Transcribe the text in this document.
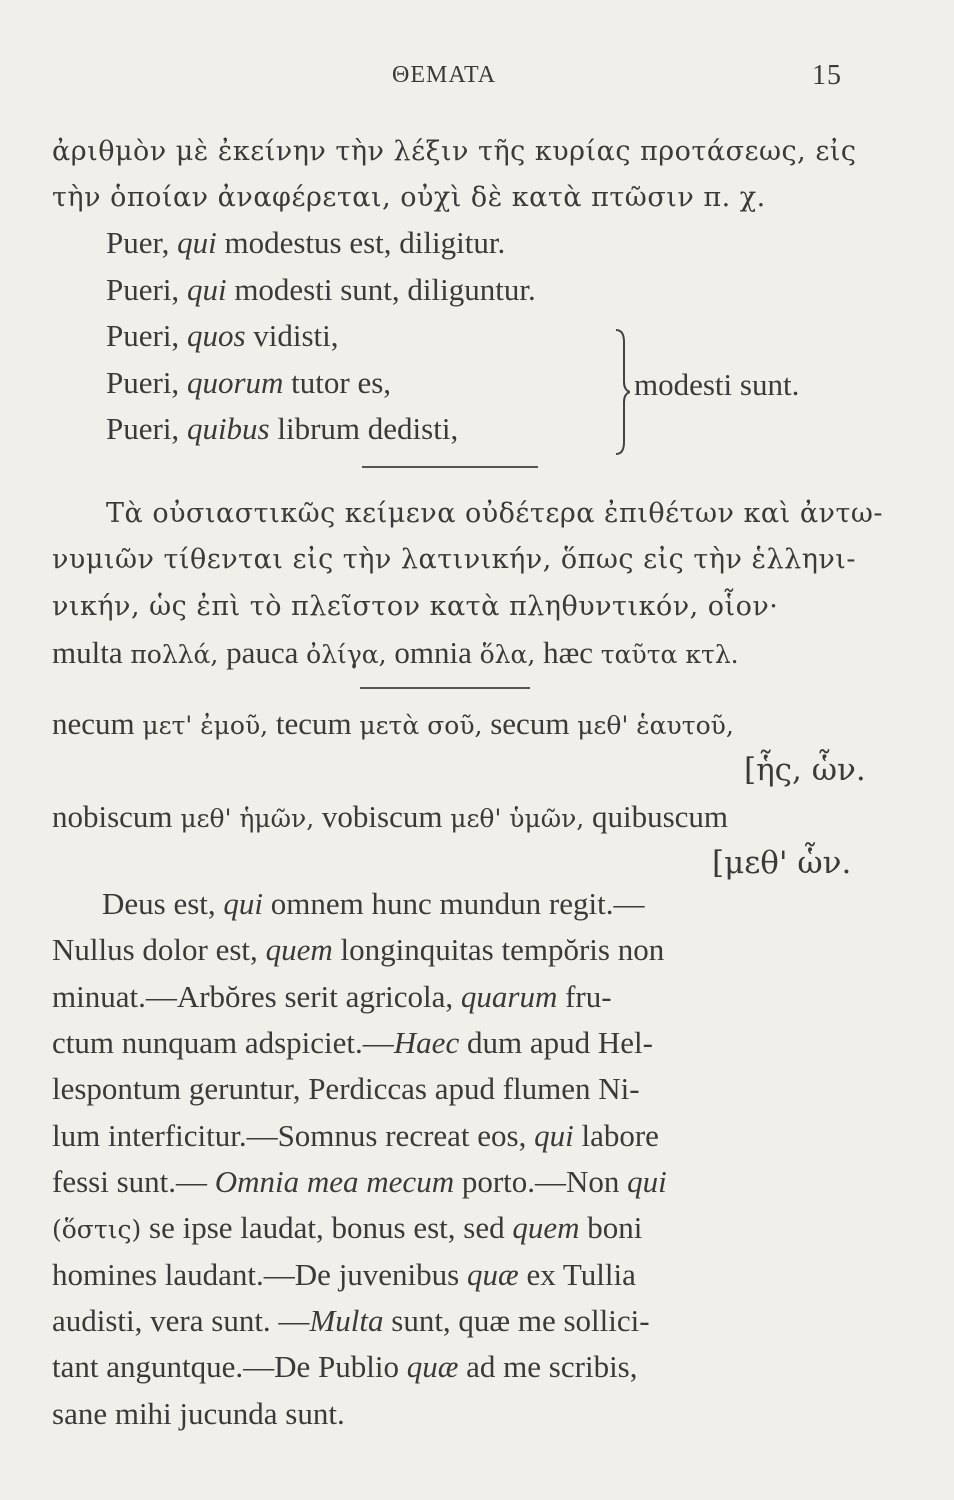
ΘΕΜΑΤΑ	15
ἀριθμὸν μὲ ἐκείνην τὴν λέξιν τῆς κυρίας προτάσεως, εἰς
τὴν ὁποίαν ἀναφέρεται, οὐχὶ δὲ κατὰ πτῶσιν π. χ.
Puer, qui modestus est, diligitur.
Pueri, qui modesti sunt, diliguntur.
Pueri, quos vidisti,
Pueri, quorum tutor es,
Pueri, quibus librum dedisti,
modesti sunt.
Τὰ οὐσιαστικῶς κείμενα οὐδέτερα ἐπιθέτων καὶ ἀντω-
νυμιῶν τίθενται εἰς τὴν λατινικήν, ὅπως εἰς τὴν ἑλληνι-
νικήν, ὡς ἐπὶ τὸ πλεῖστον κατὰ πληθυντικόν, οἷον·
multa πολλά, pauca ὀλίγα, omnia ὅλα, hæc ταῦτα κτλ.
necum μετ' ἐμοῦ, tecum μετὰ σοῦ, secum μεθ' ἑαυτοῦ,
[ἧς, ὧν.
nobiscum μεθ' ἡμῶν, vobiscum μεθ' ὑμῶν, quibuscum
[μεθ' ὧν.
Deus est, qui omnem hunc mundun regit.—
Nullus dolor est, quem longinquitas tempŏris non
minuat.—Arbŏres serit agricola, quarum fru-
ctum nunquam adspiciet.—Haec dum apud Hel-
lespontum geruntur, Perdiccas apud flumen Ni-
lum interficitur.—Somnus recreat eos, qui labore
fessi sunt.— Omnia mea mecum porto.—Non qui
(ὅστις) se ipse laudat, bonus est, sed quem boni
homines laudant.—De juvenibus quæ ex Tullia
audisti, vera sunt. —Multa sunt, quæ me sollici-
tant anguntque.—De Publio quæ ad me scribis,
sane mihi jucunda sunt.
